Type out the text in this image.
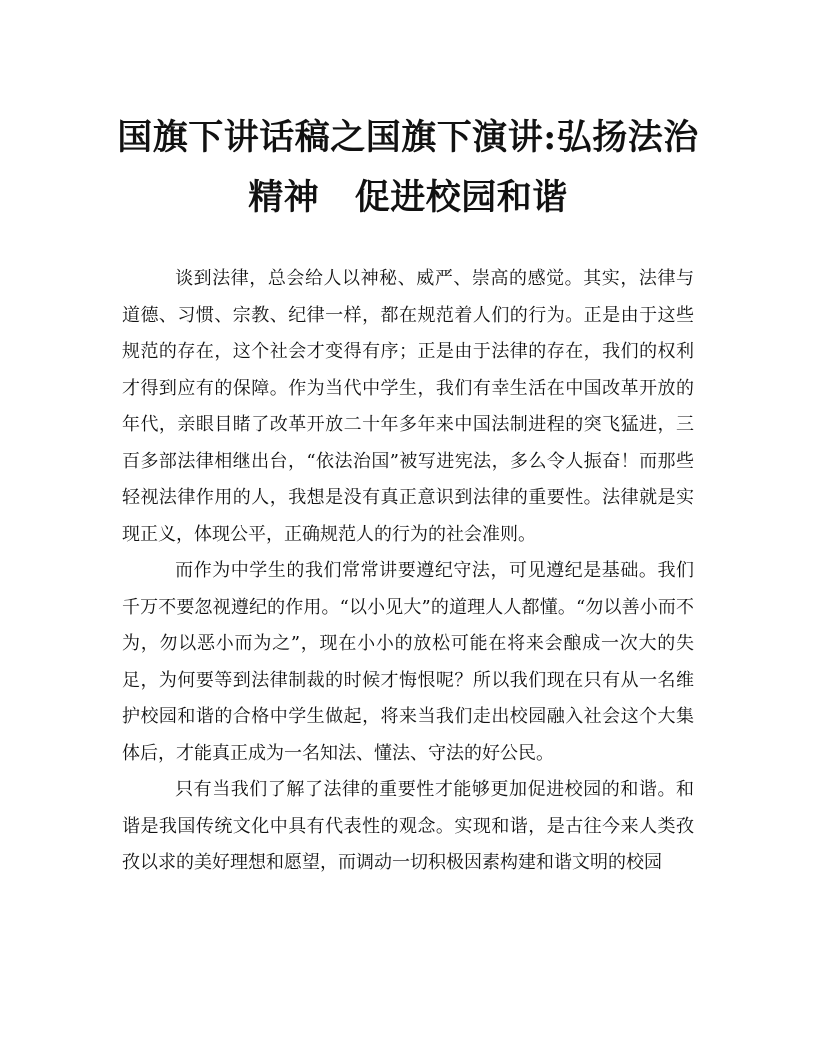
国旗下讲话稿之国旗下演讲:弘扬法治
精神　促进校园和谐

谈到法律，总会给人以神秘、威严、崇高的感觉。其实，法律与道德、习惯、宗教、纪律一样，都在规范着人们的行为。正是由于这些规范的存在，这个社会才变得有序；正是由于法律的存在，我们的权利才得到应有的保障。作为当代中学生，我们有幸生活在中国改革开放的年代，亲眼目睹了改革开放二十年多年来中国法制进程的突飞猛进，三百多部法律相继出台，“依法治国”被写进宪法，多么令人振奋！而那些轻视法律作用的人，我想是没有真正意识到法律的重要性。法律就是实现正义，体现公平，正确规范人的行为的社会准则。

而作为中学生的我们常常讲要遵纪守法，可见遵纪是基础。我们千万不要忽视遵纪的作用。“以小见大”的道理人人都懂。“勿以善小而不为，勿以恶小而为之”，现在小小的放松可能在将来会酿成一次大的失足，为何要等到法律制裁的时候才悔恨呢？所以我们现在只有从一名维护校园和谐的合格中学生做起，将来当我们走出校园融入社会这个大集体后，才能真正成为一名知法、懂法、守法的好公民。

只有当我们了解了法律的重要性才能够更加促进校园的和谐。和谐是我国传统文化中具有代表性的观念。实现和谐，是古往今来人类孜孜以求的美好理想和愿望，而调动一切积极因素构建和谐文明的校园
